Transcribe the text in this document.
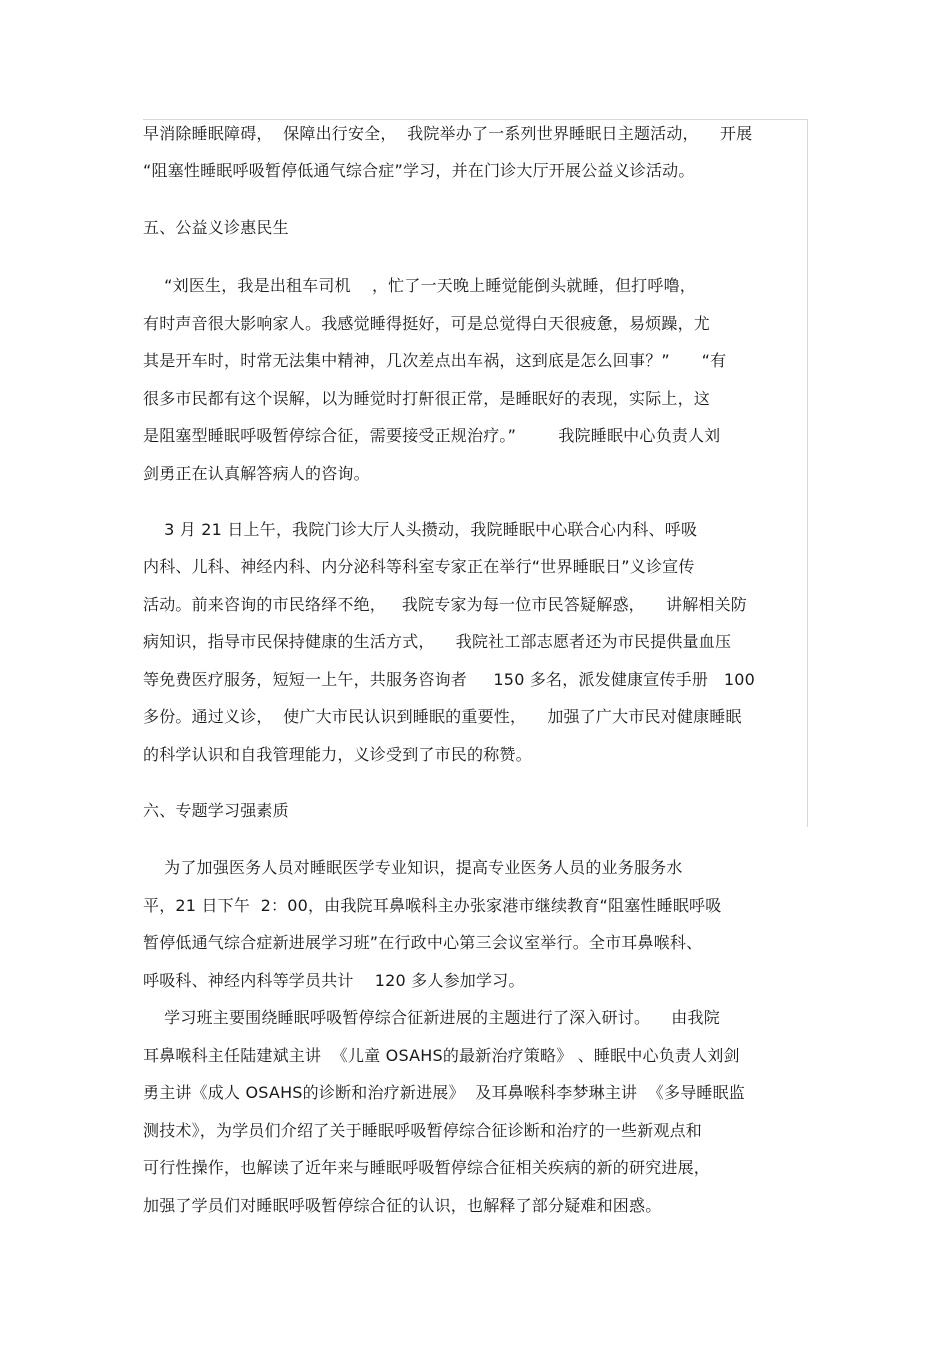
早消除睡眠障碍，  保障出行安全，  我院举办了一系列世界睡眠日主题活动，    开展
“阻塞性睡眠呼吸暂停低通气综合症”学习，并在门诊大厅开展公益义诊活动。
五、公益义诊惠民生
“刘医生，我是出租车司机    ，忙了一天晚上睡觉能倒头就睡，但打呼噜，
有时声音很大影响家人。我感觉睡得挺好，可是总觉得白天很疲惫，易烦躁，尤
其是开车时，时常无法集中精神，几次差点出车祸，这到底是怎么回事？”      “有
很多市民都有这个误解，以为睡觉时打鼾很正常，是睡眠好的表现，实际上，这
是阻塞型睡眠呼吸暂停综合征，需要接受正规治疗。”        我院睡眠中心负责人刘
剑勇正在认真解答病人的咨询。
3 月 21 日上午，我院门诊大厅人头攒动，我院睡眠中心联合心内科、呼吸
内科、儿科、神经内科、内分泌科等科室专家正在举行“世界睡眠日”义诊宣传
活动。前来咨询的市民络绎不绝，   我院专家为每一位市民答疑解惑，    讲解相关防
病知识，指导市民保持健康的生活方式，    我院社工部志愿者还为市民提供量血压
等免费医疗服务，短短一上午，共服务咨询者     150 多名，派发健康宣传手册   100
多份。通过义诊，  使广大市民认识到睡眠的重要性，    加强了广大市民对健康睡眠
的科学认识和自我管理能力，义诊受到了市民的称赞。
六、专题学习强素质
为了加强医务人员对睡眠医学专业知识，提高专业医务人员的业务服务水
平，21 日下午  2：00，由我院耳鼻喉科主办张家港市继续教育“阻塞性睡眠呼吸
暂停低通气综合症新进展学习班”在行政中心第三会议室举行。全市耳鼻喉科、
呼吸科、神经内科等学员共计    120 多人参加学习。
学习班主要围绕睡眠呼吸暂停综合征新进展的主题进行了深入研讨。    由我院
耳鼻喉科主任陆建斌主讲  《儿童 OSAHS的最新治疗策略》 、睡眠中心负责人刘剑
勇主讲《成人 OSAHS的诊断和治疗新进展》  及耳鼻喉科李梦琳主讲  《多导睡眠监
测技术》，为学员们介绍了关于睡眠呼吸暂停综合征诊断和治疗的一些新观点和
可行性操作，也解读了近年来与睡眠呼吸暂停综合征相关疾病的新的研究进展，
加强了学员们对睡眠呼吸暂停综合征的认识，也解释了部分疑难和困惑。
